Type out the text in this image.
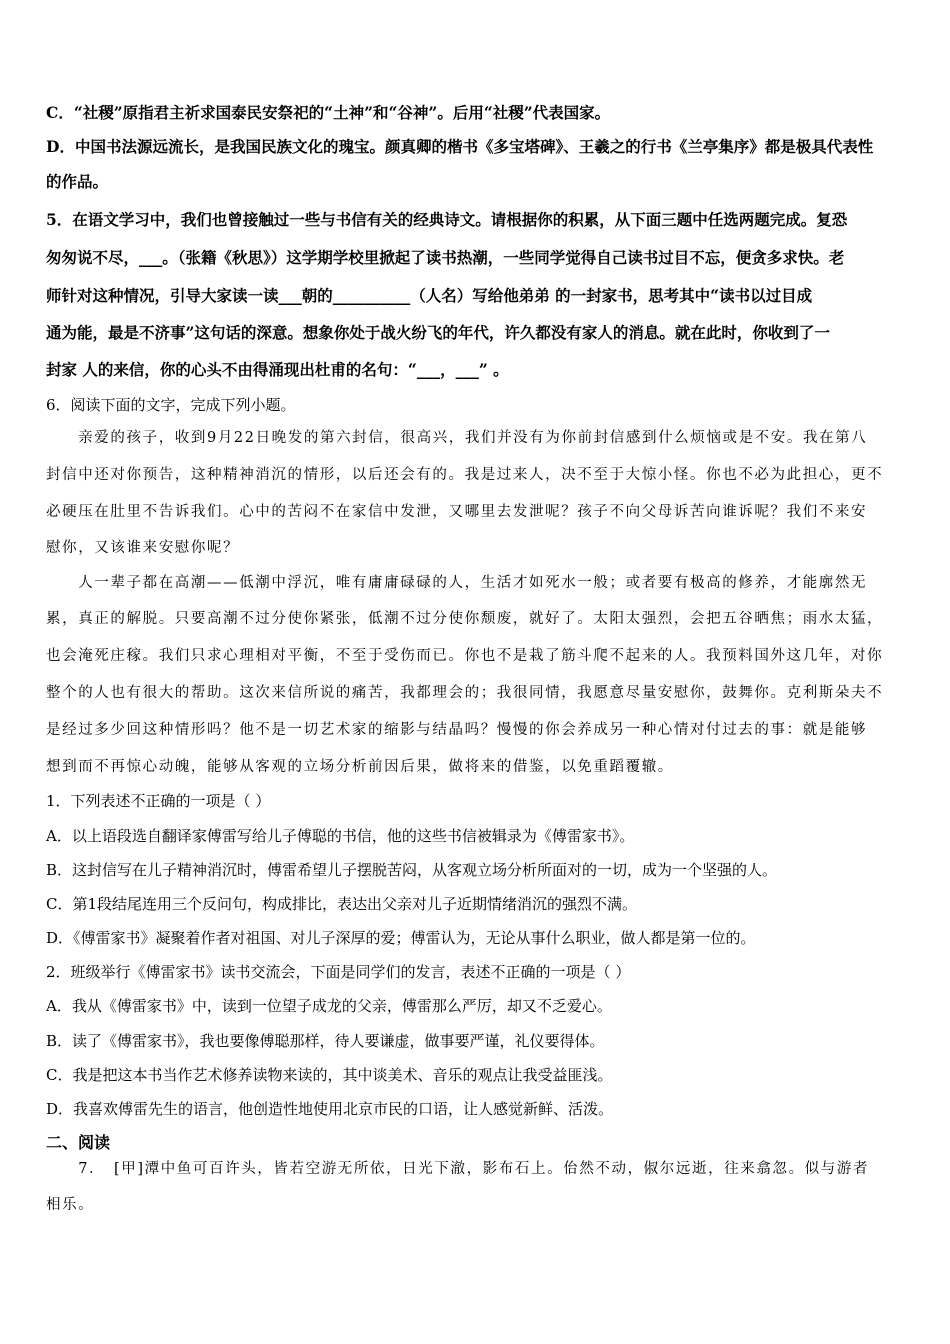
C．“社稷”原指君主祈求国泰民安祭祀的“土神”和“谷神”。后用“社稷”代表国家。
D．中国书法源远流长，是我国民族文化的瑰宝。颜真卿的楷书《多宝塔碑》、王羲之的行书《兰亭集序》都是极具代表性
的作品。
5．在语文学习中，我们也曾接触过一些与书信有关的经典诗文。请根据你的积累，从下面三题中任选两题完成。复恐
匆匆说不尽，___。（张籍《秋思》）这学期学校里掀起了读书热潮，一些同学觉得自己读书过目不忘，便贪多求快。老
师针对这种情况，引导大家读一读___朝的__________（人名）写给他弟弟 的一封家书，思考其中“读书以过目成
通为能，最是不济事”这句话的深意。想象你处于战火纷飞的年代，许久都没有家人的消息。就在此时，你收到了一
封家 人的来信，你的心头不由得涌现出杜甫的名句：“___，___” 。
6．阅读下面的文字，完成下列小题。
　　亲爱的孩子，收到9月22日晚发的第六封信，很高兴，我们并没有为你前封信感到什么烦恼或是不安。我在第八
封信中还对你预告，这种精神消沉的情形，以后还会有的。我是过来人，决不至于大惊小怪。你也不必为此担心，更不
必硬压在肚里不告诉我们。心中的苦闷不在家信中发泄，又哪里去发泄呢？孩子不向父母诉苦向谁诉呢？我们不来安
慰你，又该谁来安慰你呢？
　　人一辈子都在高潮——低潮中浮沉，唯有庸庸碌碌的人，生活才如死水一般；或者要有极高的修养，才能廓然无
累，真正的解脱。只要高潮不过分使你紧张，低潮不过分使你颓废，就好了。太阳太强烈，会把五谷晒焦；雨水太猛，
也会淹死庄稼。我们只求心理相对平衡，不至于受伤而已。你也不是栽了筋斗爬不起来的人。我预料国外这几年，对你
整个的人也有很大的帮助。这次来信所说的痛苦，我都理会的；我很同情，我愿意尽量安慰你，鼓舞你。克利斯朵夫不
是经过多少回这种情形吗？他不是一切艺术家的缩影与结晶吗？慢慢的你会养成另一种心情对付过去的事：就是能够
想到而不再惊心动魄，能够从客观的立场分析前因后果，做将来的借鉴，以免重蹈覆辙。
1．下列表述不正确的一项是（ ）
A．以上语段选自翻译家傅雷写给儿子傅聪的书信，他的这些书信被辑录为《傅雷家书》。
B．这封信写在儿子精神消沉时，傅雷希望儿子摆脱苦闷，从客观立场分析所面对的一切，成为一个坚强的人。
C．第1段结尾连用三个反问句，构成排比，表达出父亲对儿子近期情绪消沉的强烈不满。
D．《傅雷家书》凝聚着作者对祖国、对儿子深厚的爱；傅雷认为，无论从事什么职业，做人都是第一位的。
2．班级举行《傅雷家书》读书交流会，下面是同学们的发言，表述不正确的一项是（ ）
A．我从《傅雷家书》中，读到一位望子成龙的父亲，傅雷那么严厉，却又不乏爱心。
B．读了《傅雷家书》，我也要像傅聪那样，待人要谦虚，做事要严谨，礼仪要得体。
C．我是把这本书当作艺术修养读物来读的，其中谈美术、音乐的观点让我受益匪浅。
D．我喜欢傅雷先生的语言，他创造性地使用北京市民的口语，让人感觉新鲜、活泼。
二、阅读
　　7．　[甲]潭中鱼可百许头，皆若空游无所依，日光下澈，影布石上。佁然不动，俶尔远逝，往来翕忽。似与游者
相乐。
